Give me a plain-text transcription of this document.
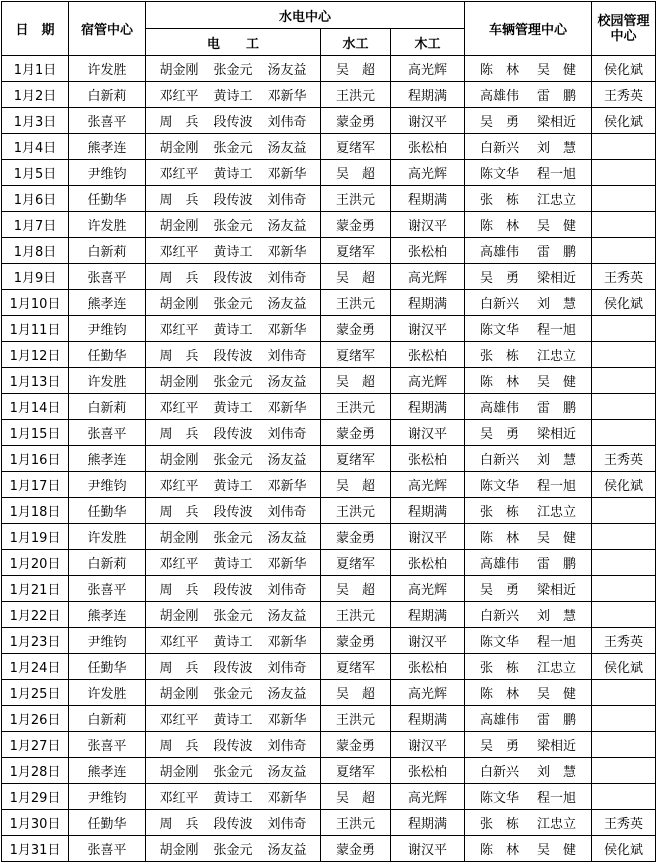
日　期	宿管中心	水电中心			车辆管理中心	校园管理
中心

		电　　工	水工	木工		
1月1日	许发胜	胡金刚 张金元 汤友益	吴　超	高光辉	陈　林 吴　健	侯化斌
1月2日	白新莉	邓红平 黄诗工 邓新华	王洪元	程期满	高雄伟 雷　鹏	王秀英
1月3日	张喜平	周　兵 段传波 刘伟奇	蒙金勇	谢汉平	吴　勇 梁相近	侯化斌
1月4日	熊孝连	胡金刚 张金元 汤友益	夏绪军	张松柏	白新兴 刘　慧	

1月5日	尹维钧	邓红平 黄诗工 邓新华	吴　超	高光辉	陈文华 程一旭	

1月6日	任勤华	周　兵 段传波 刘伟奇	王洪元	程期满	张　栋 江忠立	

1月7日	许发胜	胡金刚 张金元 汤友益	蒙金勇	谢汉平	陈　林 吴　健	

1月8日	白新莉	邓红平 黄诗工 邓新华	夏绪军	张松柏	高雄伟 雷　鹏	

1月9日	张喜平	周　兵 段传波 刘伟奇	吴　超	高光辉	吴　勇 梁相近	王秀英
1月10日	熊孝连	胡金刚 张金元 汤友益	王洪元	程期满	白新兴 刘　慧	侯化斌
1月11日	尹维钧	邓红平 黄诗工 邓新华	蒙金勇	谢汉平	陈文华 程一旭	

1月12日	任勤华	周　兵 段传波 刘伟奇	夏绪军	张松柏	张　栋 江忠立	

1月13日	许发胜	胡金刚 张金元 汤友益	吴　超	高光辉	陈　林 吴　健	

1月14日	白新莉	邓红平 黄诗工 邓新华	王洪元	程期满	高雄伟 雷　鹏	

1月15日	张喜平	周　兵 段传波 刘伟奇	蒙金勇	谢汉平	吴　勇 梁相近	

1月16日	熊孝连	胡金刚 张金元 汤友益	夏绪军	张松柏	白新兴 刘　慧	王秀英
1月17日	尹维钧	邓红平 黄诗工 邓新华	吴　超	高光辉	陈文华 程一旭	侯化斌
1月18日	任勤华	周　兵 段传波 刘伟奇	王洪元	程期满	张　栋 江忠立	

1月19日	许发胜	胡金刚 张金元 汤友益	蒙金勇	谢汉平	陈　林 吴　健	

1月20日	白新莉	邓红平 黄诗工 邓新华	夏绪军	张松柏	高雄伟 雷　鹏	

1月21日	张喜平	周　兵 段传波 刘伟奇	吴　超	高光辉	吴　勇 梁相近	

1月22日	熊孝连	胡金刚 张金元 汤友益	王洪元	程期满	白新兴 刘　慧	

1月23日	尹维钧	邓红平 黄诗工 邓新华	蒙金勇	谢汉平	陈文华 程一旭	王秀英
1月24日	任勤华	周　兵 段传波 刘伟奇	夏绪军	张松柏	张　栋 江忠立	侯化斌
1月25日	许发胜	胡金刚 张金元 汤友益	吴　超	高光辉	陈　林 吴　健	

1月26日	白新莉	邓红平 黄诗工 邓新华	王洪元	程期满	高雄伟 雷　鹏	

1月27日	张喜平	周　兵 段传波 刘伟奇	蒙金勇	谢汉平	吴　勇 梁相近	

1月28日	熊孝连	胡金刚 张金元 汤友益	夏绪军	张松柏	白新兴 刘　慧	

1月29日	尹维钧	邓红平 黄诗工 邓新华	吴　超	高光辉	陈文华 程一旭	

1月30日	任勤华	周　兵 段传波 刘伟奇	王洪元	程期满	张　栋 江忠立	王秀英
1月31日	张喜平	胡金刚 张金元 汤友益	蒙金勇	谢汉平	陈　林 吴　健	侯化斌
